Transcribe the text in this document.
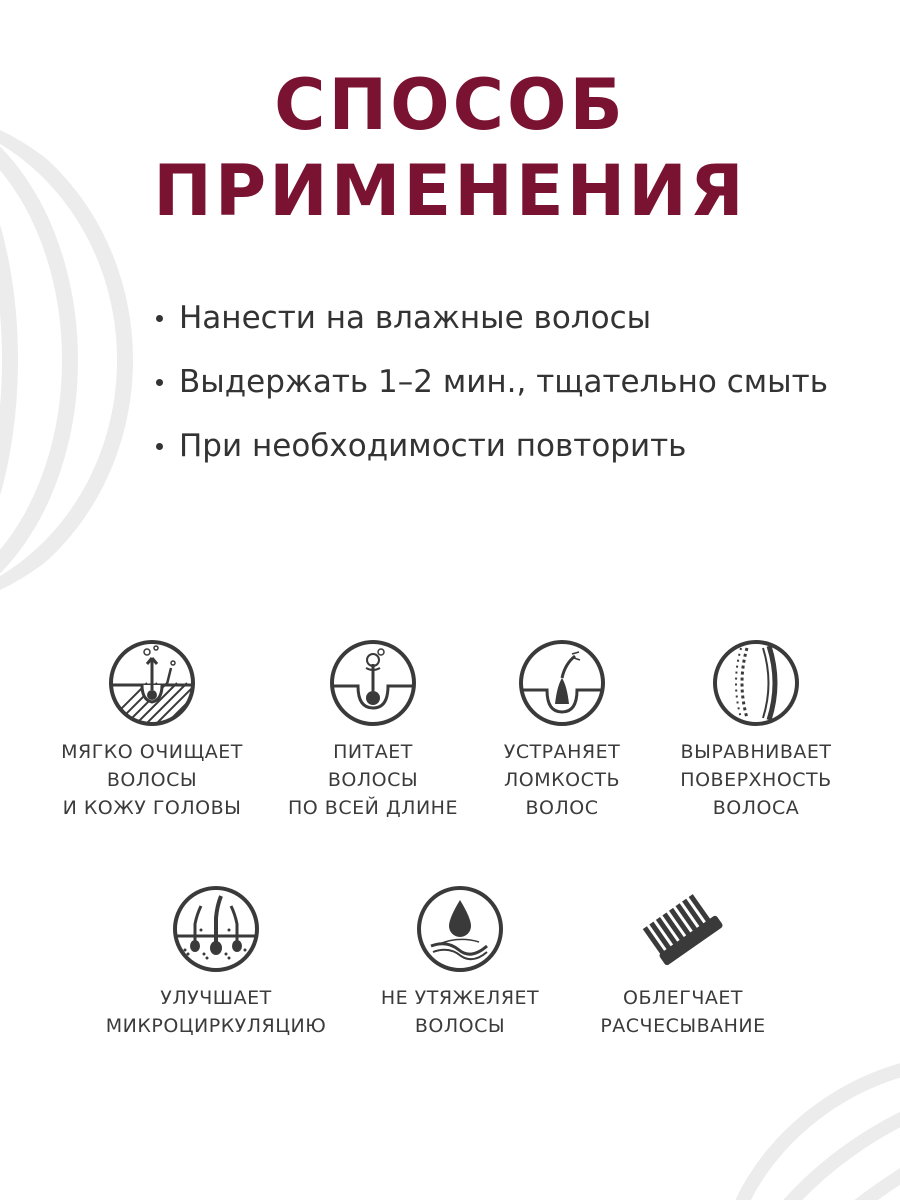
СПОСОБ
ПРИМЕНЕНИЯ
Нанести на влажные волосы
Выдержать 1–2 мин., тщательно смыть
При необходимости повторить
МЯГКО ОЧИЩАЕТ
ВОЛОСЫ
И КОЖУ ГОЛОВЫ
ПИТАЕТ
ВОЛОСЫ
ПО ВСЕЙ ДЛИНЕ
УСТРАНЯЕТ
ЛОМКОСТЬ
ВОЛОС
ВЫРАВНИВАЕТ
ПОВЕРХНОСТЬ
ВОЛОСА
УЛУЧШАЕТ
МИКРОЦИРКУЛЯЦИЮ
НЕ УТЯЖЕЛЯЕТ
ВОЛОСЫ
ОБЛЕГЧАЕТ
РАСЧЕСЫВАНИЕ
